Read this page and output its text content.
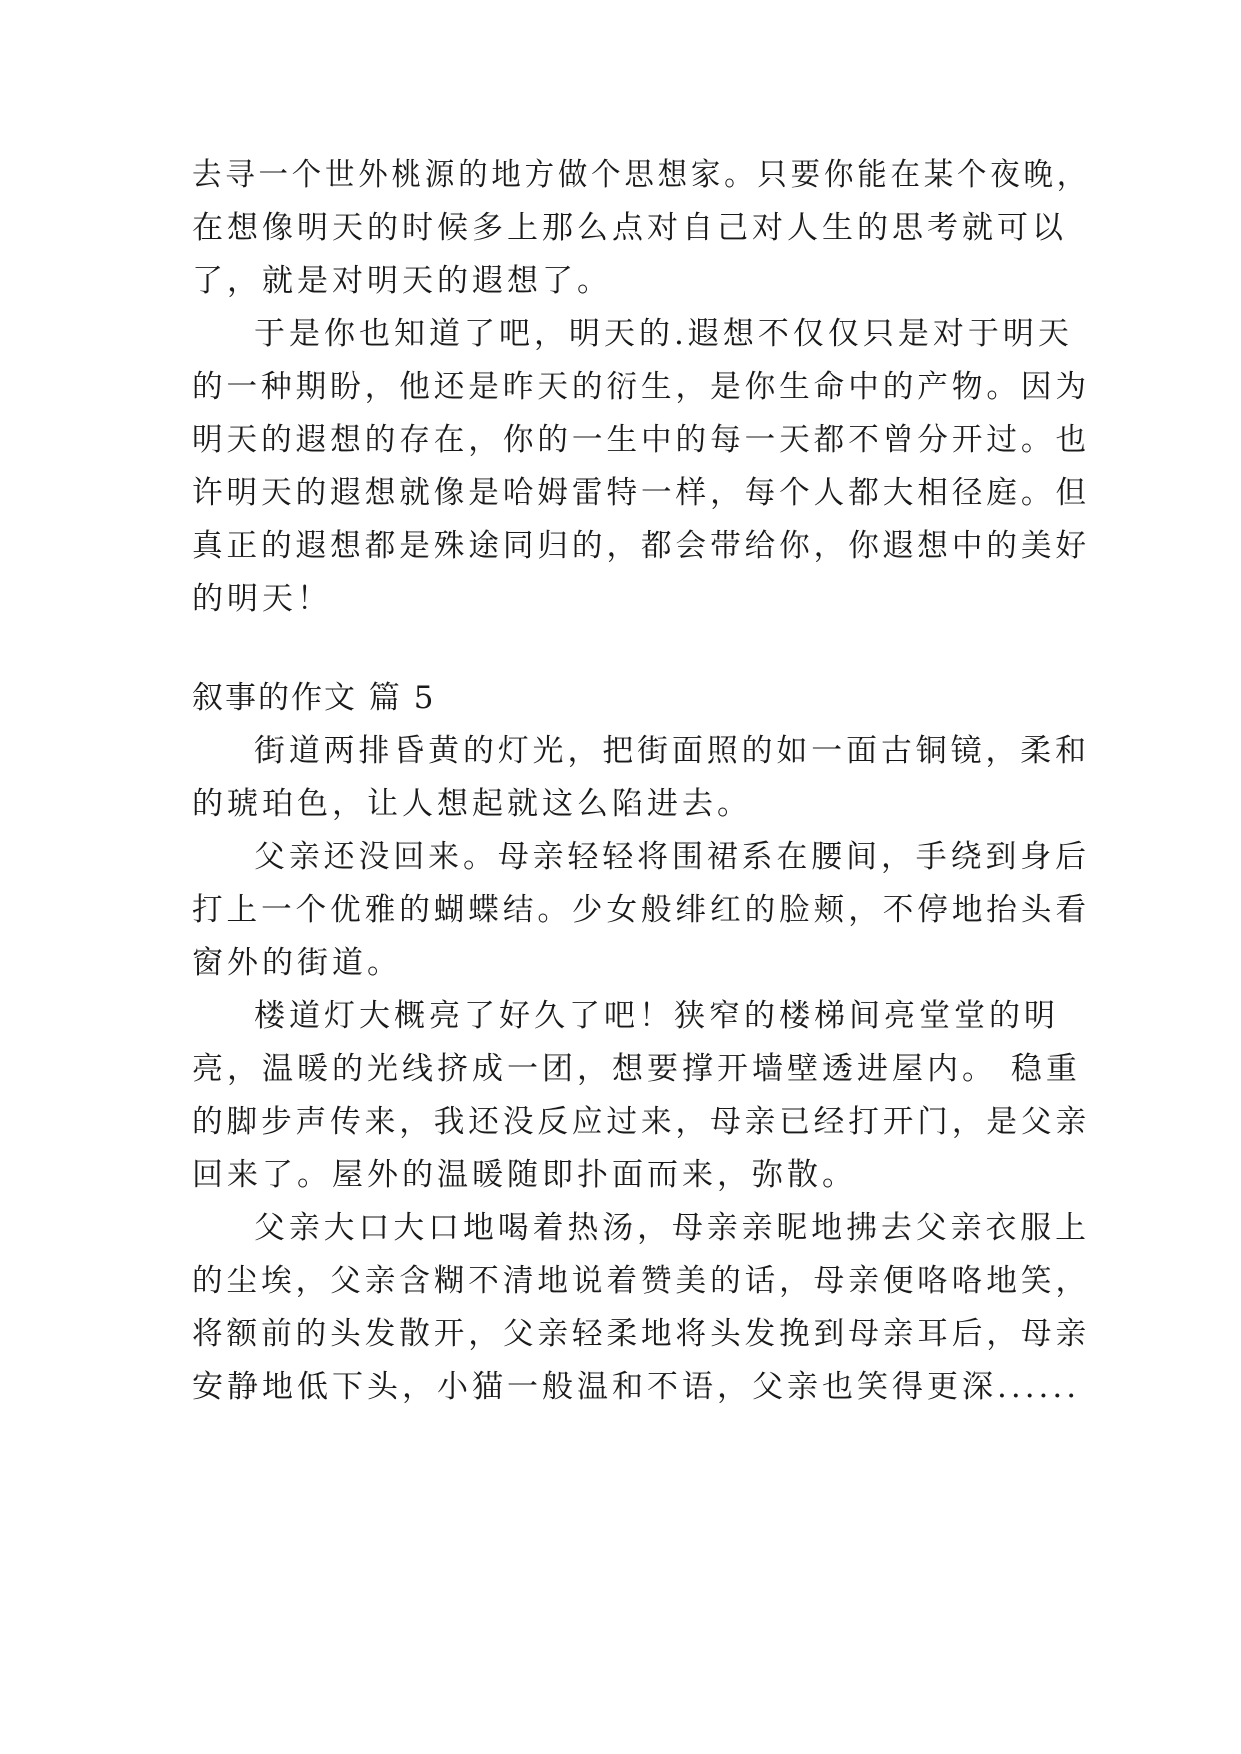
去寻一个世外桃源的地方做个思想家。只要你能在某个夜晚，
在想像明天的时候多上那么点对自己对人生的思考就可以
了，就是对明天的遐想了。
于是你也知道了吧，明天的.遐想不仅仅只是对于明天
的一种期盼，他还是昨天的衍生，是你生命中的产物。因为
明天的遐想的存在，你的一生中的每一天都不曾分开过。也
许明天的遐想就像是哈姆雷特一样，每个人都大相径庭。但
真正的遐想都是殊途同归的，都会带给你，你遐想中的美好
的明天！
叙事的作文 篇 5
街道两排昏黄的灯光，把街面照的如一面古铜镜，柔和
的琥珀色，让人想起就这么陷进去。
父亲还没回来。母亲轻轻将围裙系在腰间，手绕到身后
打上一个优雅的蝴蝶结。少女般绯红的脸颊，不停地抬头看
窗外的街道。
楼道灯大概亮了好久了吧！狭窄的楼梯间亮堂堂的明
亮，温暖的光线挤成一团，想要撑开墙壁透进屋内。 稳重
的脚步声传来，我还没反应过来，母亲已经打开门，是父亲
回来了。屋外的温暖随即扑面而来，弥散。
父亲大口大口地喝着热汤，母亲亲昵地拂去父亲衣服上
的尘埃，父亲含糊不清地说着赞美的话，母亲便咯咯地笑，
将额前的头发散开，父亲轻柔地将头发挽到母亲耳后，母亲
安静地低下头，小猫一般温和不语，父亲也笑得更深......
